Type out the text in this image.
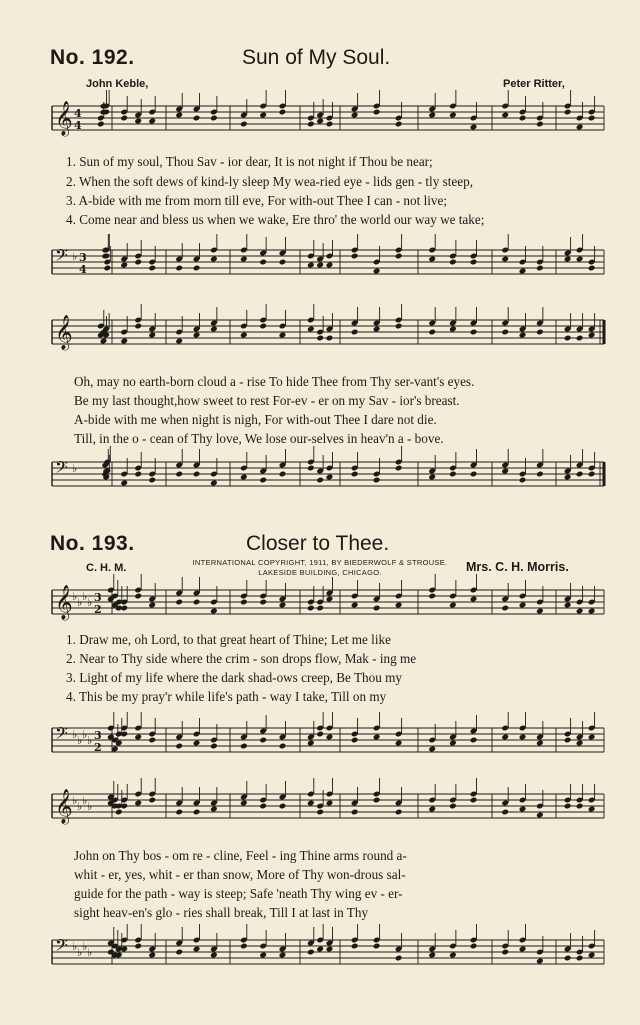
𝄞 4
4
𝄢 ♭ 3
4
𝄞
𝄢 ♭
𝄞 ♭ ♭ ♭ ♭ 3
2
𝄢 ♭ ♭ ♭ ♭ 3
2
𝄞 ♭ ♭ ♭ ♭
𝄢 ♭ ♭ ♭ ♭
No. 192.	Sun of My Soul.
John Keble,	Peter Ritter,
1. Sun of my soul, Thou Sav - ior dear, It is not night if Thou be near;
2. When the soft dews of kind-ly sleep My wea-ried eye - lids gen - tly steep,
3. A-bide with me from morn till eve, For with-out Thee I can - not live;
4. Come near and bless us when we wake, Ere thro' the world our way we take;
Oh, may no earth-born cloud a - rise To hide Thee from Thy ser-vant's eyes.
Be my last thought,how sweet to rest For-ev - er on my Sav - ior's breast.
A-bide with me when night is nigh, For with-out Thee I dare not die.
Till, in the o - cean of Thy love, We lose our-selves in heav'n a - bove.
No. 193.	Closer to Thee.
C. H. M.	INTERNATIONAL COPYRIGHT, 1911, BY BIEDERWOLF & STROUSE.
LAKESIDE BUILDING, CHICAGO.	Mrs. C. H. Morris.
1. Draw me, oh Lord, to that great heart of Thine; Let me like
2. Near to Thy side where the crim - son drops flow, Mak - ing me
3. Light of my life where the dark shad-ows creep, Be Thou my
4. This be my pray'r while life's path - way I take, Till on my
John on Thy bos - om re - cline, Feel - ing Thine arms round a-
whit - er, yes, whit - er than snow, More of Thy won-drous sal-
guide for the path - way is steep; Safe 'neath Thy wing ev - er-
sight heav-en's glo - ries shall break, Till I at last in Thy
